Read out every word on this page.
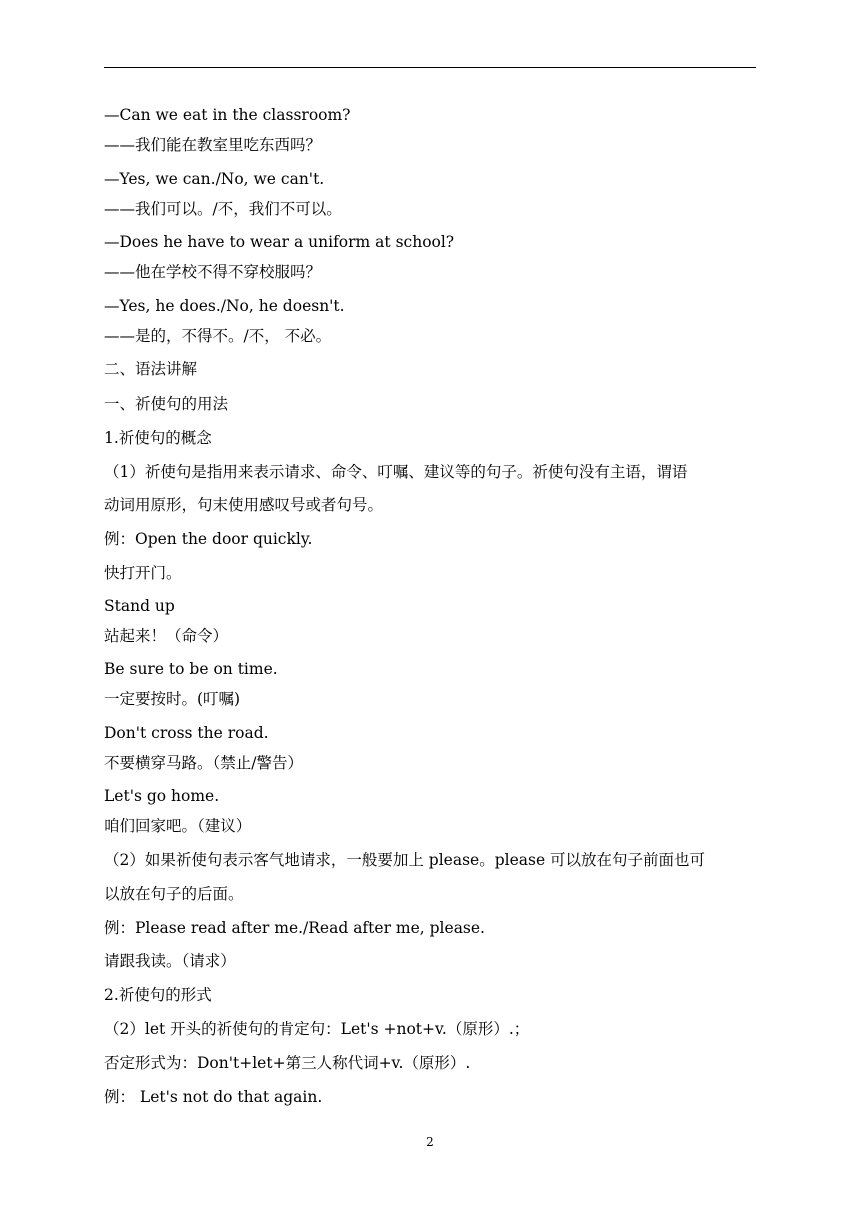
—Can we eat in the classroom?
——我们能在教室里吃东西吗？
—Yes, we can./No, we can't.
——我们可以。/不，我们不可以。
—Does he have to wear a uniform at school?
——他在学校不得不穿校服吗？
—Yes, he does./No, he doesn't.
——是的，不得不。/不， 不必。
二、语法讲解
一、祈使句的用法
1.祈使句的概念
（1）祈使句是指用来表示请求、命令、叮嘱、建议等的句子。祈使句没有主语，谓语
动词用原形，句末使用感叹号或者句号。
例：Open the door quickly.
快打开门。
Stand up
站起来！（命令）
Be sure to be on time.
一定要按时。(叮嘱)
Don't cross the road.
不要横穿马路。（禁止/警告）
Let's go home.
咱们回家吧。（建议）
（2）如果祈使句表示客气地请求，一般要加上 please。please 可以放在句子前面也可
以放在句子的后面。
例：Please read after me./Read after me, please.
请跟我读。（请求）
2.祈使句的形式
（2）let 开头的祈使句的肯定句：Let's +not+v.（原形）.；
否定形式为：Don't+let+第三人称代词+v.（原形）.
例： Let's not do that again.
2
